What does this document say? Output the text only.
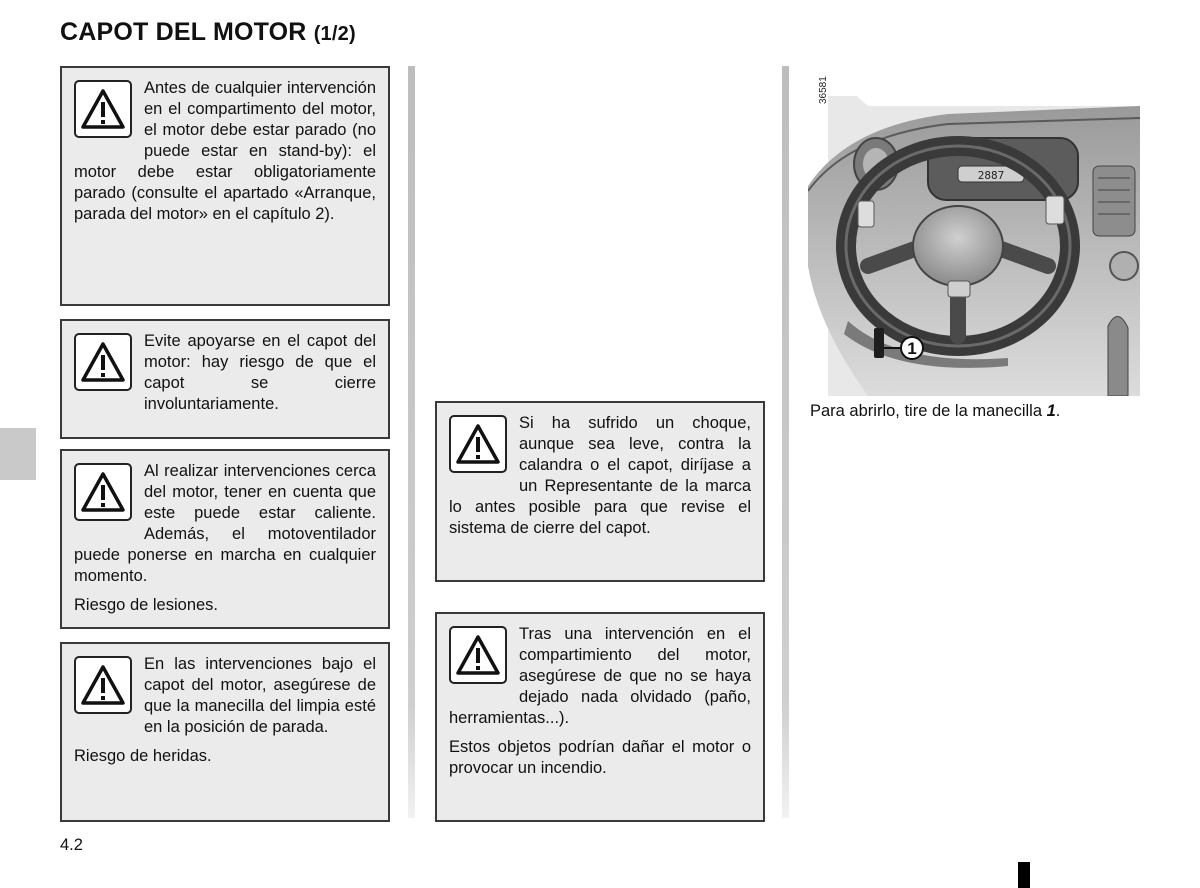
CAPOT DEL MOTOR (1/2)

Antes de cualquier intervención en el compartimento del motor, el motor debe estar parado (no puede estar en stand-by): el motor debe estar obligatoriamente parado (consulte el apartado «Arranque, parada del motor» en el capítulo 2).

Evite apoyarse en el capot del motor: hay riesgo de que el capot se cierre involuntariamente.

Al realizar intervenciones cerca del motor, tener en cuenta que este puede estar caliente. Además, el motoventilador puede ponerse en marcha en cualquier momento.

Riesgo de lesiones.

En las intervenciones bajo el capot del motor, asegúrese de que la manecilla del limpia esté en la posición de parada.

Riesgo de heridas.

Si ha sufrido un choque, aunque sea leve, contra la calandra o el capot, diríjase a un Representante de la marca lo antes posible para que revise el sistema de cierre del capot.

Tras una intervención en el compartimiento del motor, asegúrese de que no se haya dejado nada olvidado (paño, herramientas...).

Estos objetos podrían dañar el motor o provocar un incendio.

2887
1
36581
Para abrirlo, tire de la manecilla 1.
4.2
